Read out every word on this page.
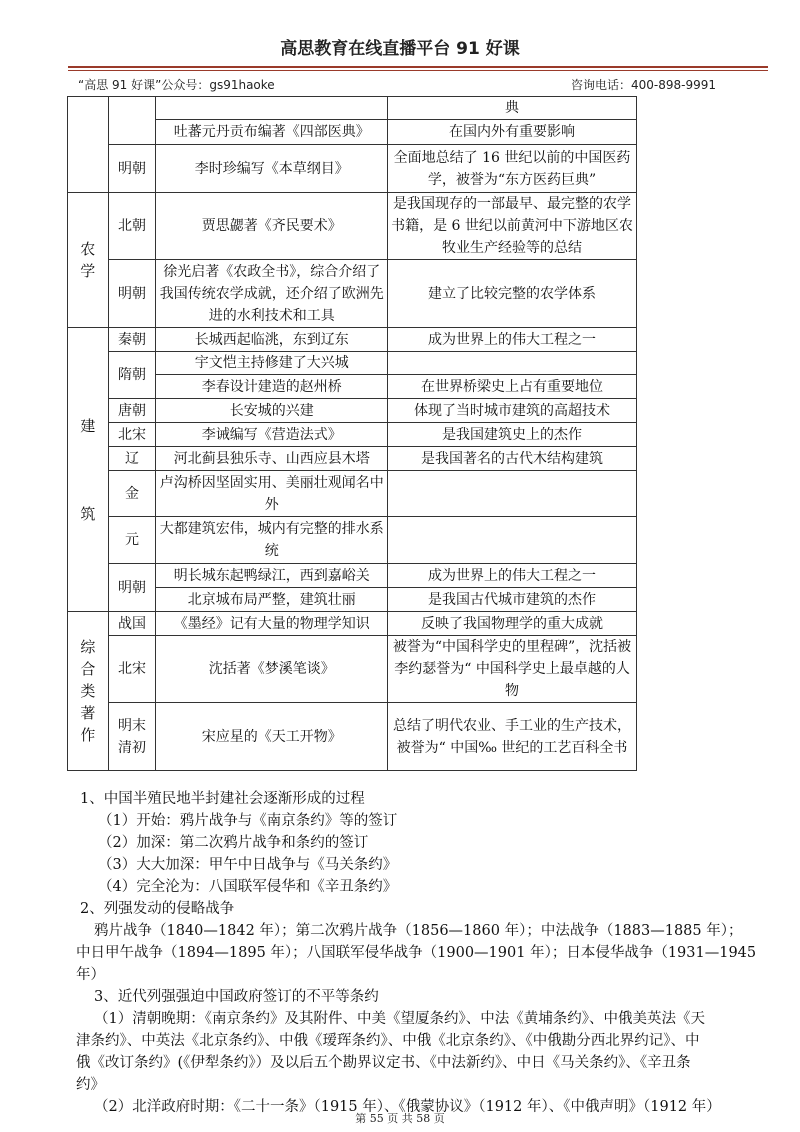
高思教育在线直播平台 91 好课
“高思 91 好课”公众号：gs91haoke	咨询电话：400-898-9991
			典
		吐蕃元丹贡布编著《四部医典》	在国内外有重要影响
	明朝	李时珍编写《本草纲目》	全面地总结了 16 世纪以前的中国医药学，被誉为“东方医药巨典”
农学	北朝	贾思勰著《齐民要术》	是我国现存的一部最早、最完整的农学书籍，是 6 世纪以前黄河中下游地区农牧业生产经验等的总结
	明朝	徐光启著《农政全书》，综合介绍了我国传统农学成就，还介绍了欧洲先进的水利技术和工具	建立了比较完整的农学体系

建
筑	秦朝	长城西起临洮，东到辽东	成为世界上的伟大工程之一
	隋朝	宇文恺主持修建了大兴城	
		李春设计建造的赵州桥	在世界桥梁史上占有重要地位
	唐朝	长安城的兴建	体现了当时城市建筑的高超技术
	北宋	李诫编写《营造法式》	是我国建筑史上的杰作
	辽	河北蓟县独乐寺、山西应县木塔	是我国著名的古代木结构建筑
	金	卢沟桥因坚固实用、美丽壮观闻名中外	
	元	大都建筑宏伟，城内有完整的排水系统	
	明朝	明长城东起鸭绿江，西到嘉峪关	成为世界上的伟大工程之一
		北京城布局严整，建筑壮丽	是我国古代城市建筑的杰作

综
合
类
著
作	战国	《墨经》记有大量的物理学知识	反映了我国物理学的重大成就
	北宋	沈括著《梦溪笔谈》	被誉为“中国科学史的里程碑”，沈括被李约瑟誉为“ 中国科学史上最卓越的人物
	明末清初	宋应星的《天工开物》	总结了明代农业、手工业的生产技术，被誉为“ 中国‰ 世纪的工艺百科全书
1、中国半殖民地半封建社会逐渐形成的过程
（1）开始：鸦片战争与《南京条约》等的签订
（2）加深：第二次鸦片战争和条约的签订
（3）大大加深：甲午中日战争与《马关条约》
（4）完全沦为：八国联军侵华和《辛丑条约》
2、列强发动的侵略战争
鸦片战争（1840—1842 年）；第二次鸦片战争（1856—1860 年）；中法战争（1883—1885 年）；
中日甲午战争（1894—1895 年）；八国联军侵华战争（1900—1901 年）；日本侵华战争（1931—1945
年）
3、近代列强强迫中国政府签订的不平等条约
（1）清朝晚期：《南京条约》及其附件、中美《望厦条约》、中法《黄埔条约》、中俄美英法《天
津条约》、中英法《北京条约》、中俄《瑷珲条约》、中俄《北京条约》、《中俄勘分西北界约记》、中
俄《改订条约》(《伊犁条约》）及以后五个勘界议定书、《中法新约》、中日《马关条约》、《辛丑条
约》
（2）北洋政府时期：《二十一条》（1915 年）、《俄蒙协议》（1912 年）、《中俄声明》（1912 年）
第 55 页 共 58 页
